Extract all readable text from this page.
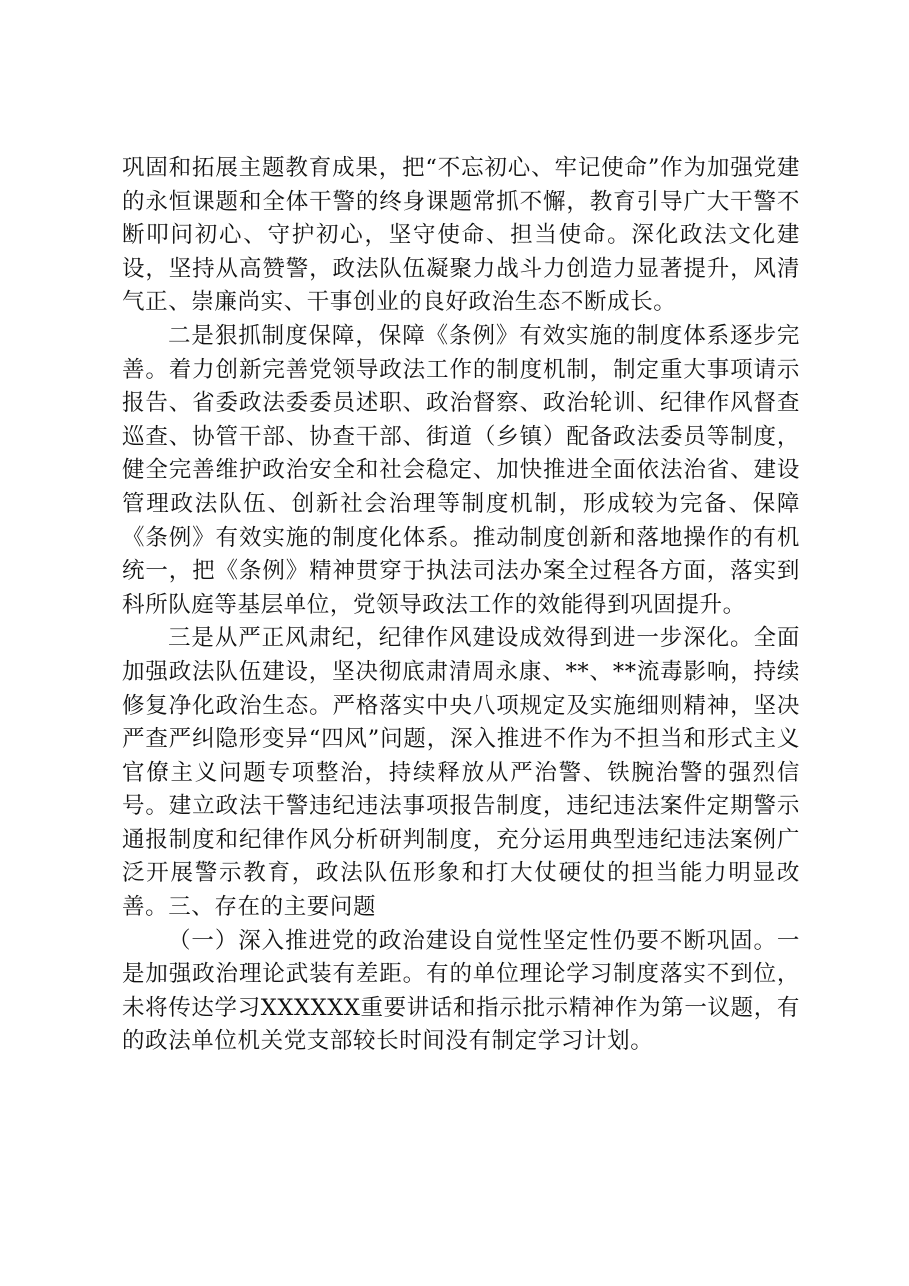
巩固和拓展主题教育成果，把“不忘初心、牢记使命”作为加强党建的永恒课题和全体干警的终身课题常抓不懈，教育引导广大干警不断叩问初心、守护初心，坚守使命、担当使命。深化政法文化建设，坚持从高赞警，政法队伍凝聚力战斗力创造力显著提升，风清气正、崇廉尚实、干事创业的良好政治生态不断成长。

二是狠抓制度保障，保障《条例》有效实施的制度体系逐步完善。着力创新完善党领导政法工作的制度机制，制定重大事项请示报告、省委政法委委员述职、政治督察、政治轮训、纪律作风督查巡查、协管干部、协查干部、街道（乡镇）配备政法委员等制度，健全完善维护政治安全和社会稳定、加快推进全面依法治省、建设管理政法队伍、创新社会治理等制度机制，形成较为完备、保障《条例》有效实施的制度化体系。推动制度创新和落地操作的有机统一，把《条例》精神贯穿于执法司法办案全过程各方面，落实到科所队庭等基层单位，党领导政法工作的效能得到巩固提升。

三是从严正风肃纪，纪律作风建设成效得到进一步深化。全面加强政法队伍建设，坚决彻底肃清周永康、**、**流毒影响，持续修复净化政治生态。严格落实中央八项规定及实施细则精神，坚决严查严纠隐形变异“四风”问题，深入推进不作为不担当和形式主义官僚主义问题专项整治，持续释放从严治警、铁腕治警的强烈信号。建立政法干警违纪违法事项报告制度，违纪违法案件定期警示通报制度和纪律作风分析研判制度，充分运用典型违纪违法案例广泛开展警示教育，政法队伍形象和打大仗硬仗的担当能力明显改善。三、存在的主要问题

（一）深入推进党的政治建设自觉性坚定性仍要不断巩固。一是加强政治理论武装有差距。有的单位理论学习制度落实不到位，未将传达学习XXXXXX重要讲话和指示批示精神作为第一议题，有的政法单位机关党支部较长时间没有制定学习计划。
